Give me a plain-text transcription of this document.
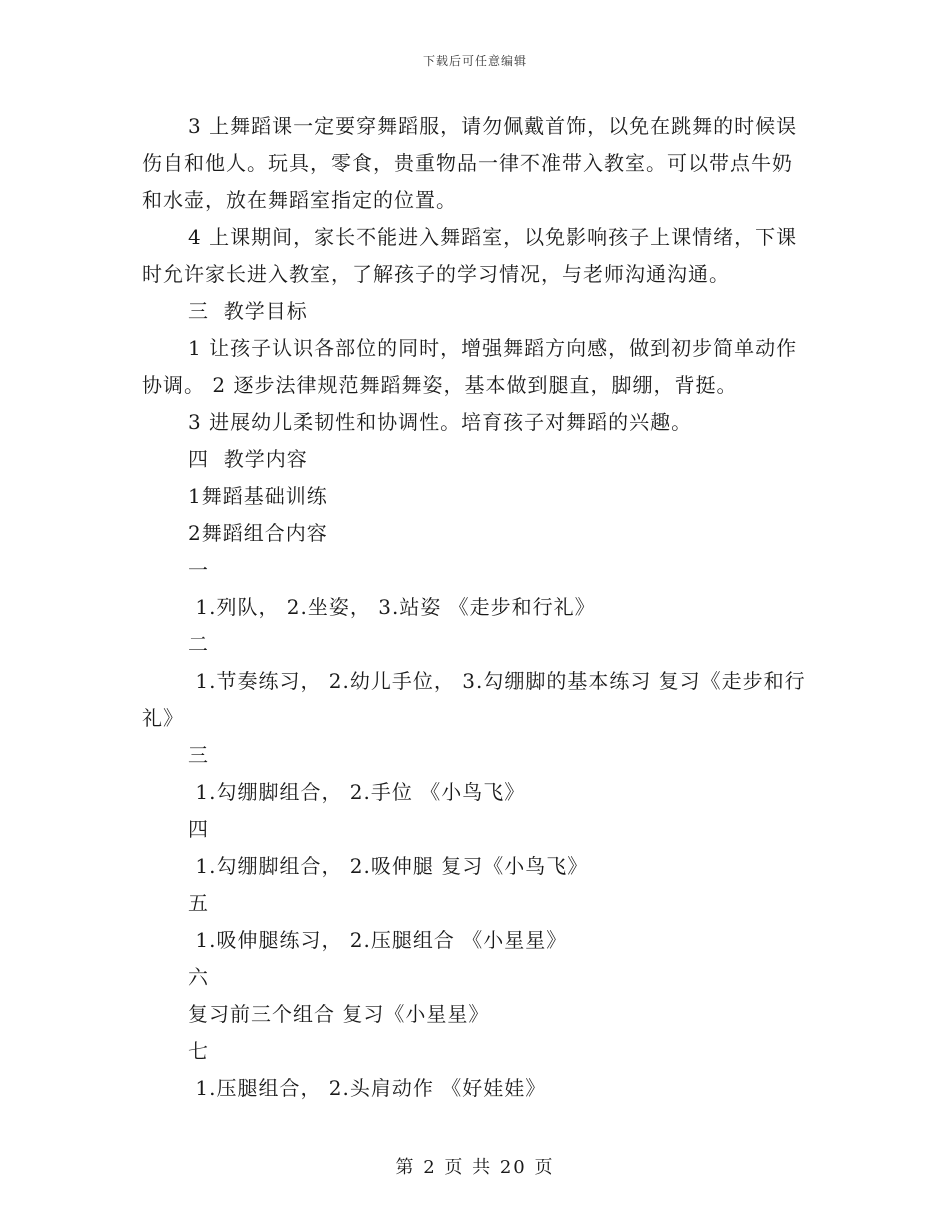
下载后可任意编辑

3 上舞蹈课一定要穿舞蹈服，请勿佩戴首饰，以免在跳舞的时候误伤自和他人。玩具，零食，贵重物品一律不准带入教室。可以带点牛奶和水壶，放在舞蹈室指定的位置。

4 上课期间，家长不能进入舞蹈室，以免影响孩子上课情绪，下课时允许家长进入教室，了解孩子的学习情况，与老师沟通沟通。

三  教学目标

1 让孩子认识各部位的同时，增强舞蹈方向感，做到初步简单动作协调。 2 逐步法律规范舞蹈舞姿，基本做到腿直，脚绷，背挺。

3 进展幼儿柔韧性和协调性。培育孩子对舞蹈的兴趣。

四  教学内容

1舞蹈基础训练

2舞蹈组合内容

一

1.列队， 2.坐姿， 3.站姿 《走步和行礼》

二

1.节奏练习， 2.幼儿手位， 3.勾绷脚的基本练习 复习《走步和行礼》

三

1.勾绷脚组合， 2.手位 《小鸟飞》

四

1.勾绷脚组合， 2.吸伸腿 复习《小鸟飞》

五

1.吸伸腿练习， 2.压腿组合 《小星星》

六

复习前三个组合 复习《小星星》

七

1.压腿组合， 2.头肩动作 《好娃娃》

第 2 页 共 20 页
